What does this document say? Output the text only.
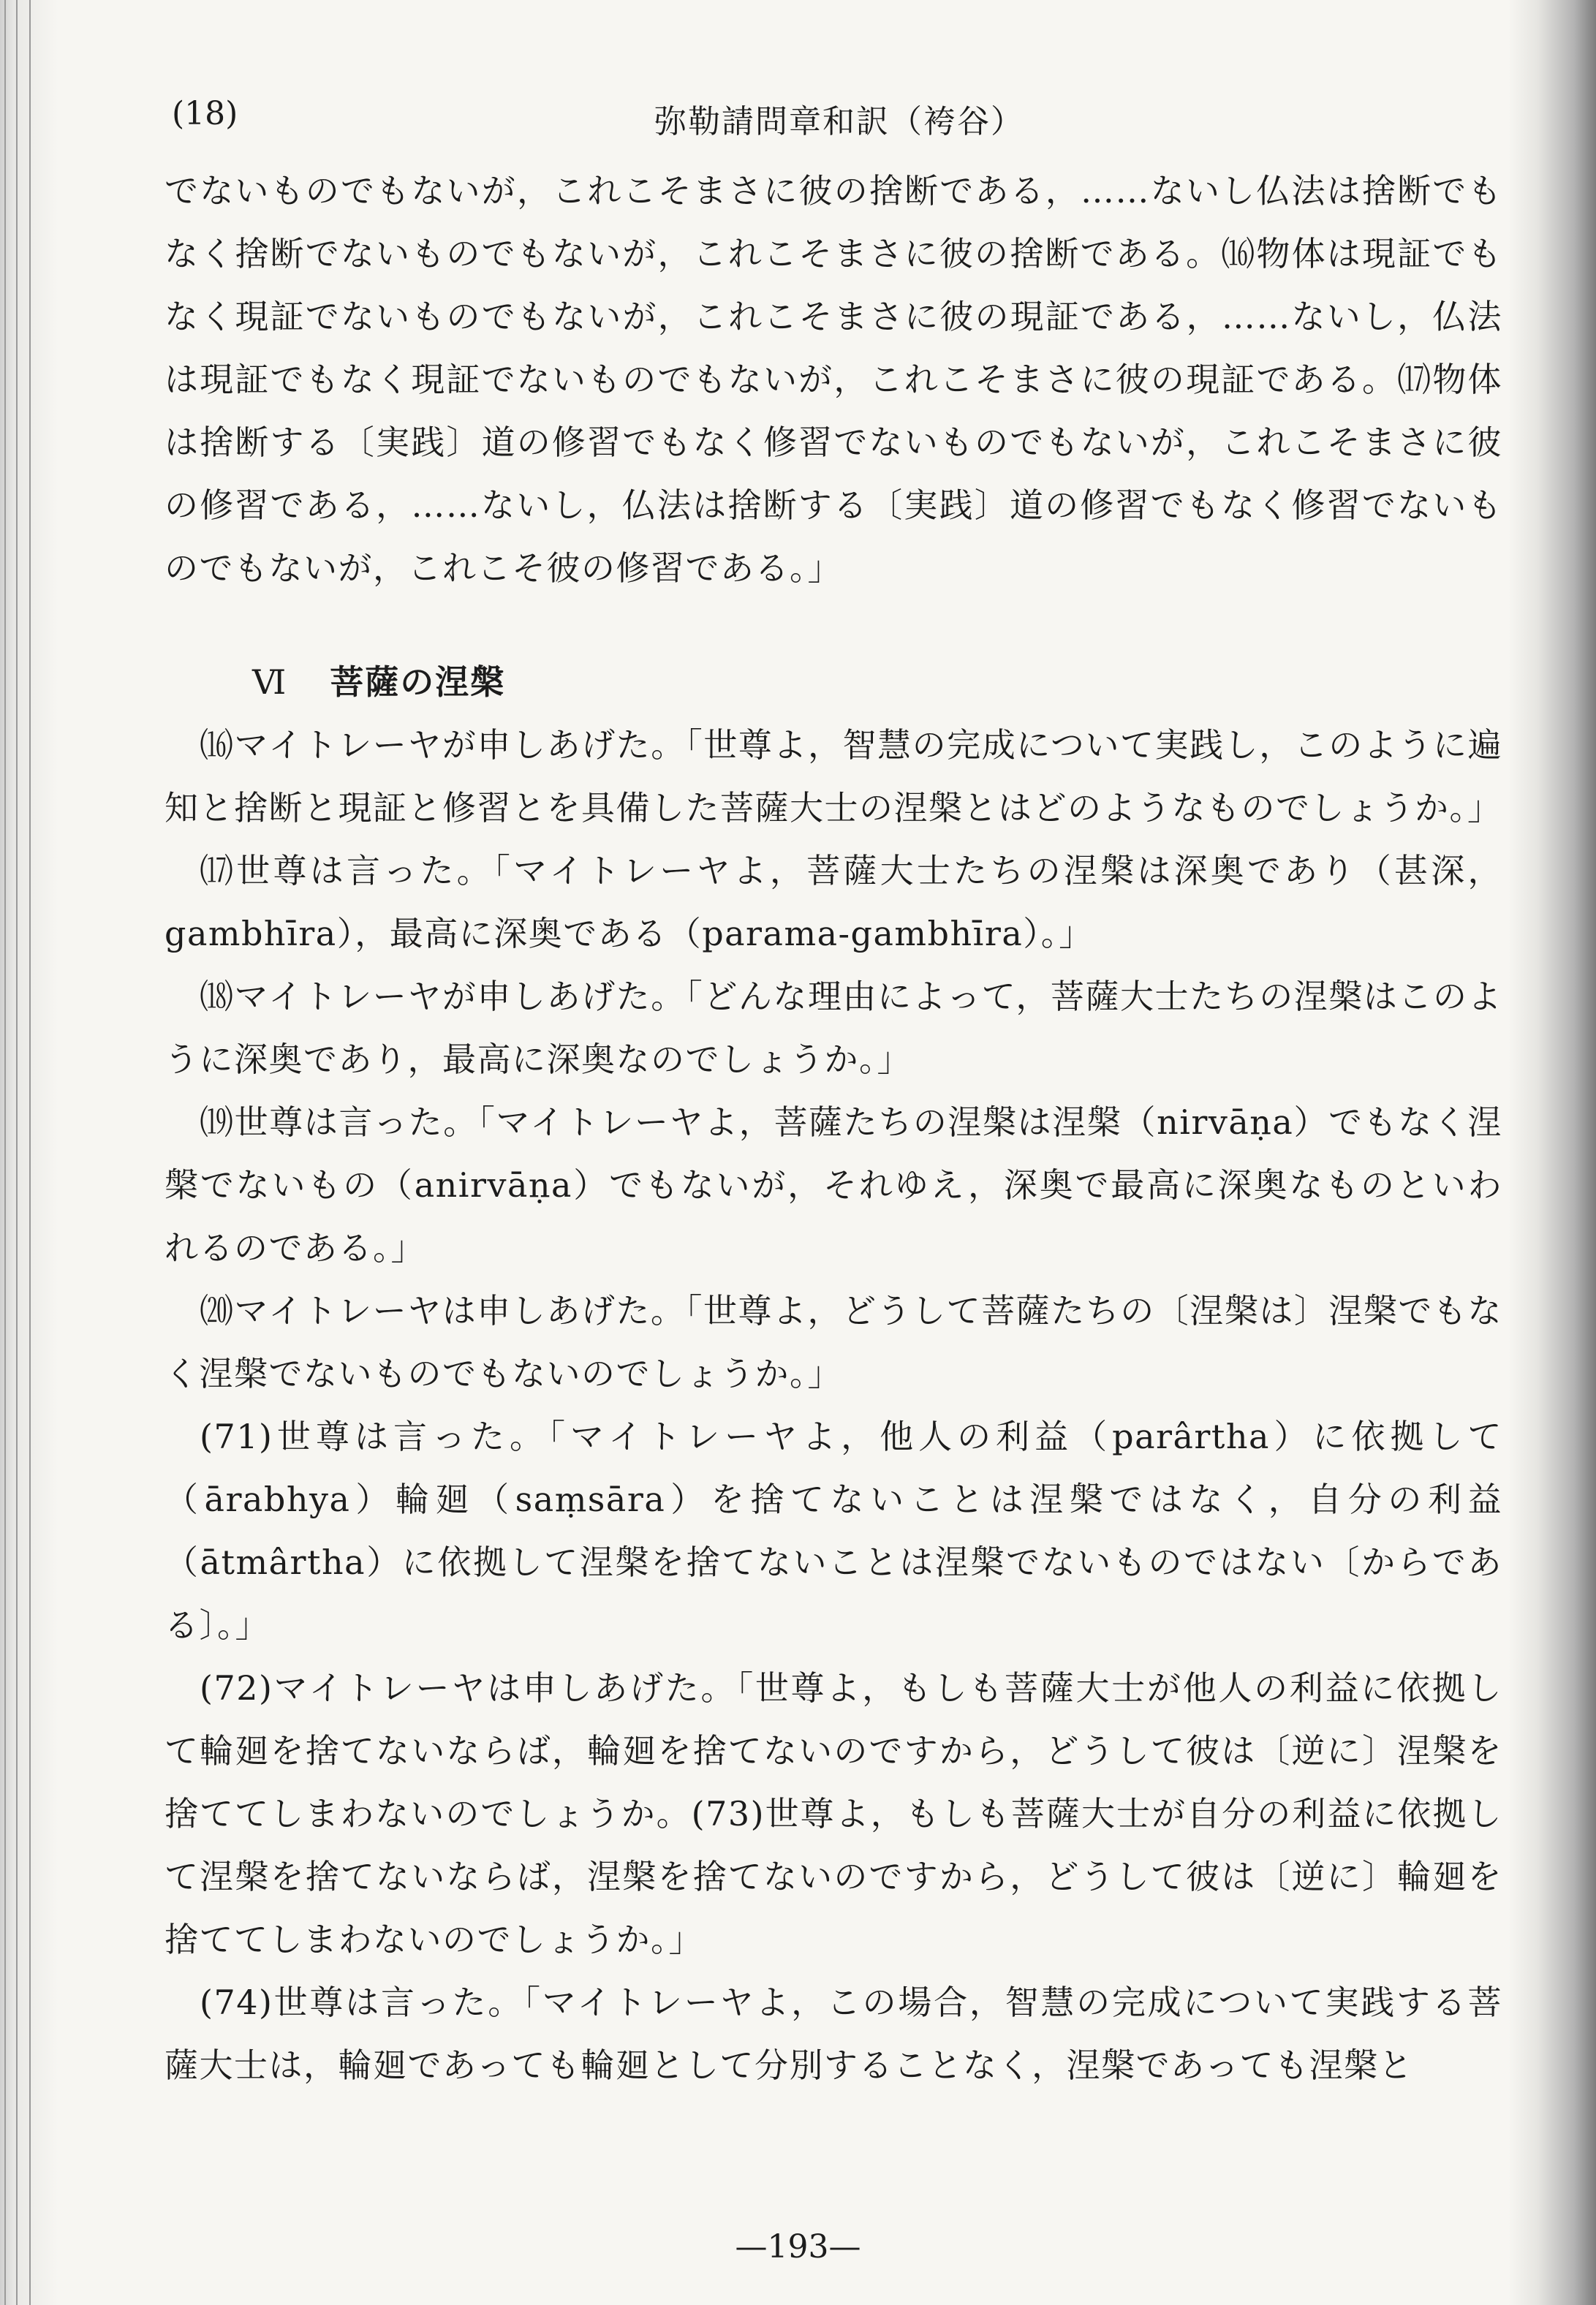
(18)	弥勒請問章和訳（袴谷）

でないものでもないが，これこそまさに彼の捨断である，……ないし仏法は捨断でもなく捨断でないものでもないが，これこそまさに彼の捨断である。⒃物体は現証でもなく現証でないものでもないが，これこそまさに彼の現証である，……ないし，仏法は現証でもなく現証でないものでもないが，これこそまさに彼の現証である。⒄物体は捨断する〔実践〕道の修習でもなく修習でないものでもないが，これこそまさに彼の修習である，……ないし，仏法は捨断する〔実践〕道の修習でもなく修習でないものでもないが，これこそ彼の修習である。」

Ⅵ 菩薩の涅槃

⒃マイトレーヤが申しあげた。「世尊よ，智慧の完成について実践し，このように遍知と捨断と現証と修習とを具備した菩薩大士の涅槃とはどのようなものでしょうか。」

⒄世尊は言った。「マイトレーヤよ，菩薩大士たちの涅槃は深奥であり（甚深，gambhīra），最高に深奥である（parama-gambhīra）。」

⒅マイトレーヤが申しあげた。「どんな理由によって，菩薩大士たちの涅槃はこのように深奥であり，最高に深奥なのでしょうか。」

⒆世尊は言った。「マイトレーヤよ，菩薩たちの涅槃は涅槃（nirvāṇa）でもなく涅槃でないもの（anirvāṇa）でもないが，それゆえ，深奥で最高に深奥なものといわれるのである。」

⒇マイトレーヤは申しあげた。「世尊よ，どうして菩薩たちの〔涅槃は〕涅槃でもなく涅槃でないものでもないのでしょうか。」

(71)世尊は言った。「マイトレーヤよ，他人の利益（parârtha）に依拠して（ārabhya）輪廻（saṃsāra）を捨てないことは涅槃ではなく，自分の利益（ātmârtha）に依拠して涅槃を捨てないことは涅槃でないものではない〔からである〕。」

(72)マイトレーヤは申しあげた。「世尊よ，もしも菩薩大士が他人の利益に依拠して輪廻を捨てないならば，輪廻を捨てないのですから，どうして彼は〔逆に〕涅槃を捨ててしまわないのでしょうか。(73)世尊よ，もしも菩薩大士が自分の利益に依拠して涅槃を捨てないならば，涅槃を捨てないのですから，どうして彼は〔逆に〕輪廻を捨ててしまわないのでしょうか。」

(74)世尊は言った。「マイトレーヤよ，この場合，智慧の完成について実践する菩薩大士は，輪廻であっても輪廻として分別することなく，涅槃であっても涅槃と

—193—
